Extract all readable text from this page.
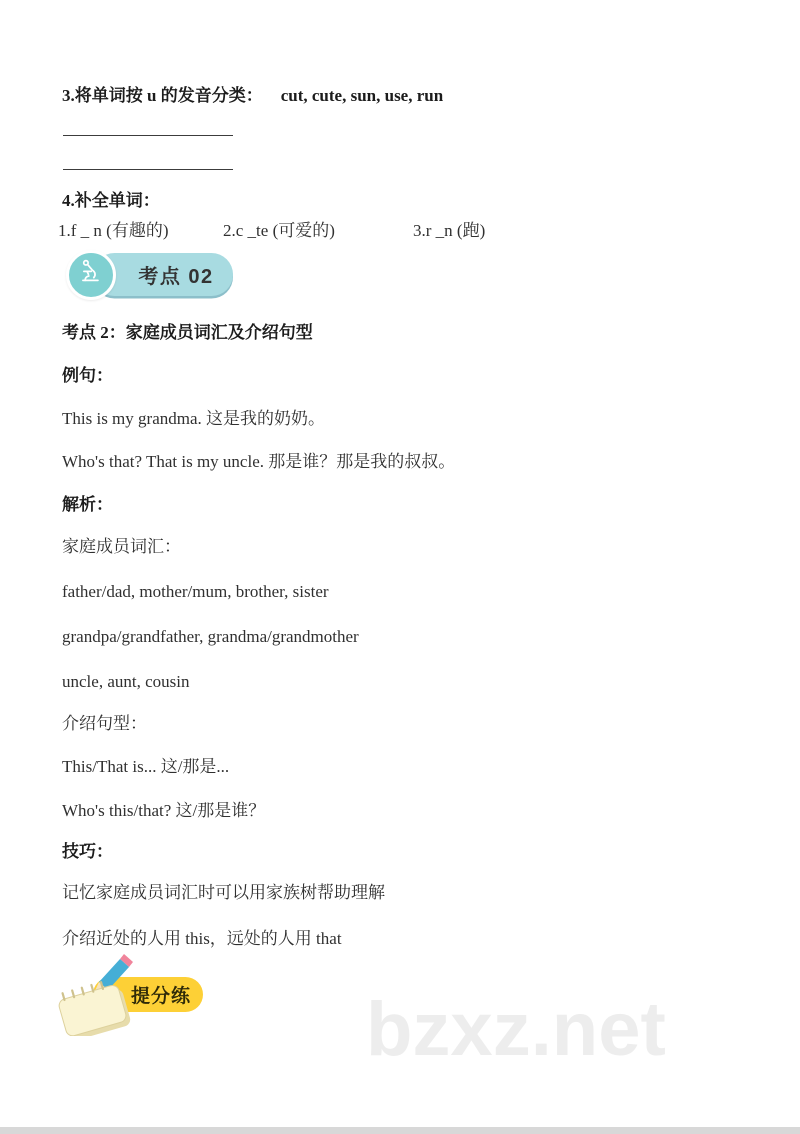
3.将单词按 u 的发音分类： cut, cute, sun, use, run

4.补全单词：

1.f _ n (有趣的)	2.c _te (可爱的)	3.r _n (跑)

考点 02

考点 2：家庭成员词汇及介绍句型

例句：

This is my grandma. 这是我的奶奶。

Who's that? That is my uncle. 那是谁？那是我的叔叔。

解析：

家庭成员词汇：

father/dad, mother/mum, brother, sister

grandpa/grandfather, grandma/grandmother

uncle, aunt, cousin

介绍句型：

This/That is... 这/那是...

Who's this/that? 这/那是谁？

技巧：

记忆家庭成员词汇时可以用家族树帮助理解

介绍近处的人用 this，远处的人用 that

提分练 bzxz.net
